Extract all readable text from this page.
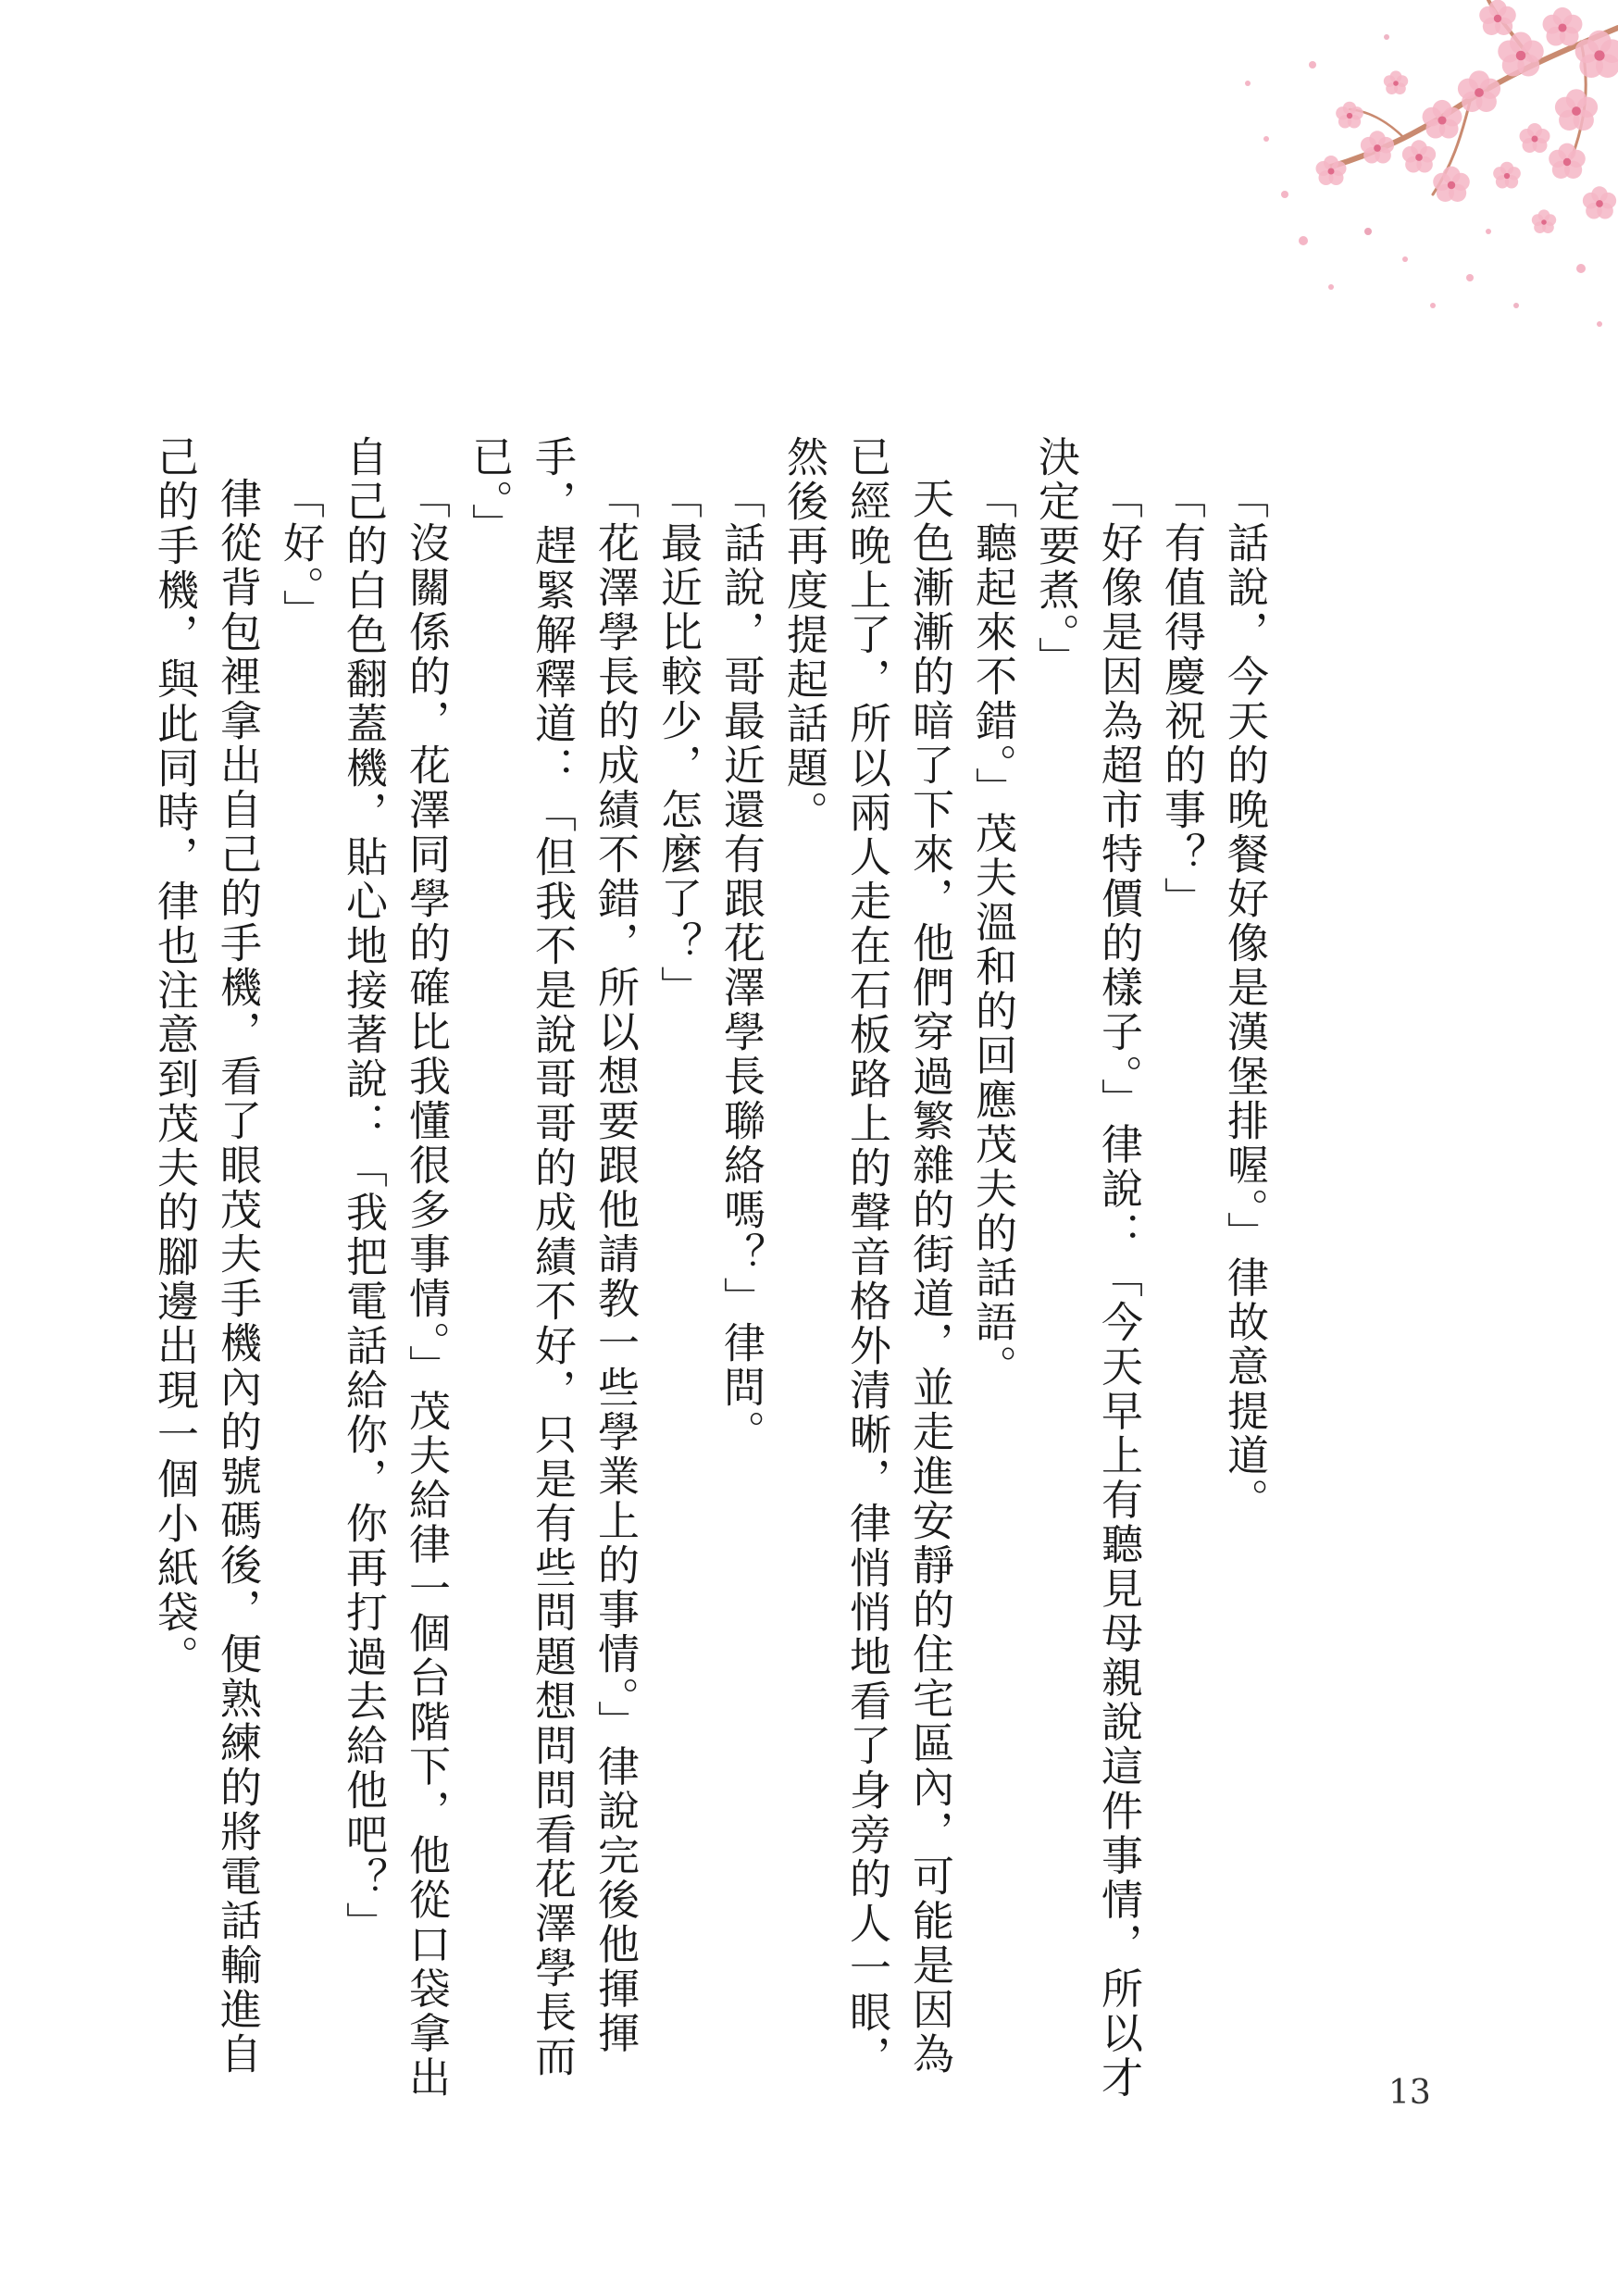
「話說，今天的晚餐好像是漢堡排喔。」律故意提道。

「有值得慶祝的事？」

「好像是因為超市特價的樣子。」律說：「今天早上有聽見母親說這件事情，所以才決定要煮。」

「聽起來不錯。」茂夫溫和的回應茂夫的話語。

天色漸漸的暗了下來，他們穿過繁雜的街道，並走進安靜的住宅區內，可能是因為已經晚上了，所以兩人走在石板路上的聲音格外清晰，律悄悄地看了身旁的人一眼，然後再度提起話題。

「話說，哥最近還有跟花澤學長聯絡嗎？」律問。

「最近比較少，怎麼了？」

「花澤學長的成績不錯，所以想要跟他請教一些學業上的事情。」律說完後他揮揮手，趕緊解釋道：「但我不是說哥哥的成績不好，只是有些問題想問問看花澤學長而已。」

「沒關係的，花澤同學的確比我懂很多事情。」茂夫給律一個台階下，他從口袋拿出自己的白色翻蓋機，貼心地接著說：「我把電話給你，你再打過去給他吧？」

「好。」

律從背包裡拿出自己的手機，看了眼茂夫手機內的號碼後，便熟練的將電話輸進自己的手機，與此同時，律也注意到茂夫的腳邊出現一個小紙袋。

13
